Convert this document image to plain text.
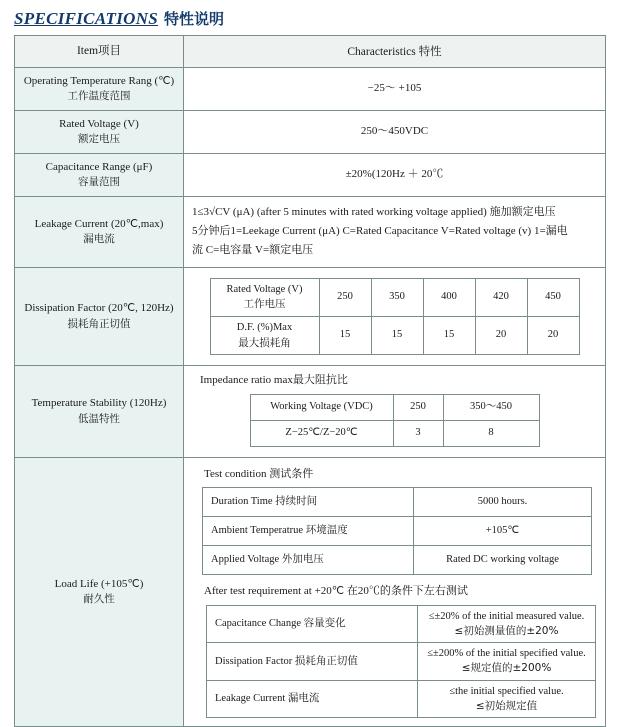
SPECIFICATIONS 特性说明
Item项目	Characteristics 特性

Operating Temperature Rang (℃)
工作温度范围
	−25～ +105

Rated Voltage (V)
额定电压
	250～450VDC

Capacitance Range (μF)
容量范围
	±20%(120Hz ＋ 20℃

Leakage Current (20℃,max)
漏电流

1≤3√CV (μA) (after 5 minutes with rated working voltage applied) 施加额定电压
5分钟后1=Leekage Current (μA) C=Rated Capacitance V=Rated voltage (v) 1=漏电
流 C=电容量 V=额定电压

Dissipation Factor (20℃, 120Hz)
损耗角正切值

Rated Voltage (V)
工作电压
	250	350	400	420	450

D.F. (%)Max
最大损耗角
	15	15	15	20	20

Temperature Stability (120Hz)
低温特性

Impedance ratio max最大阻抗比
Working Voltage (VDC)	250	350～450
Z−25℃/Z−20℃	3	8

Load Life (+105℃)
耐久性

Test condition 测试条件
Duration Time 持续时间	5000 hours.
Ambient Temperatrue 环境温度	+105℃
Applied Voltage 外加电压	Rated DC working voltage
After test requirement at +20℃ 在20℃的条件下左右测试
Capacitance Change 容量变化	
≤±20% of the initial measured value.
≤初始测量值的±20%

Dissipation Factor 损耗角正切值	
≤±200% of the initial specified value.
≤规定值的±200%

Leakage Current 漏电流	
≤the initial specified value.
≤初始规定值
